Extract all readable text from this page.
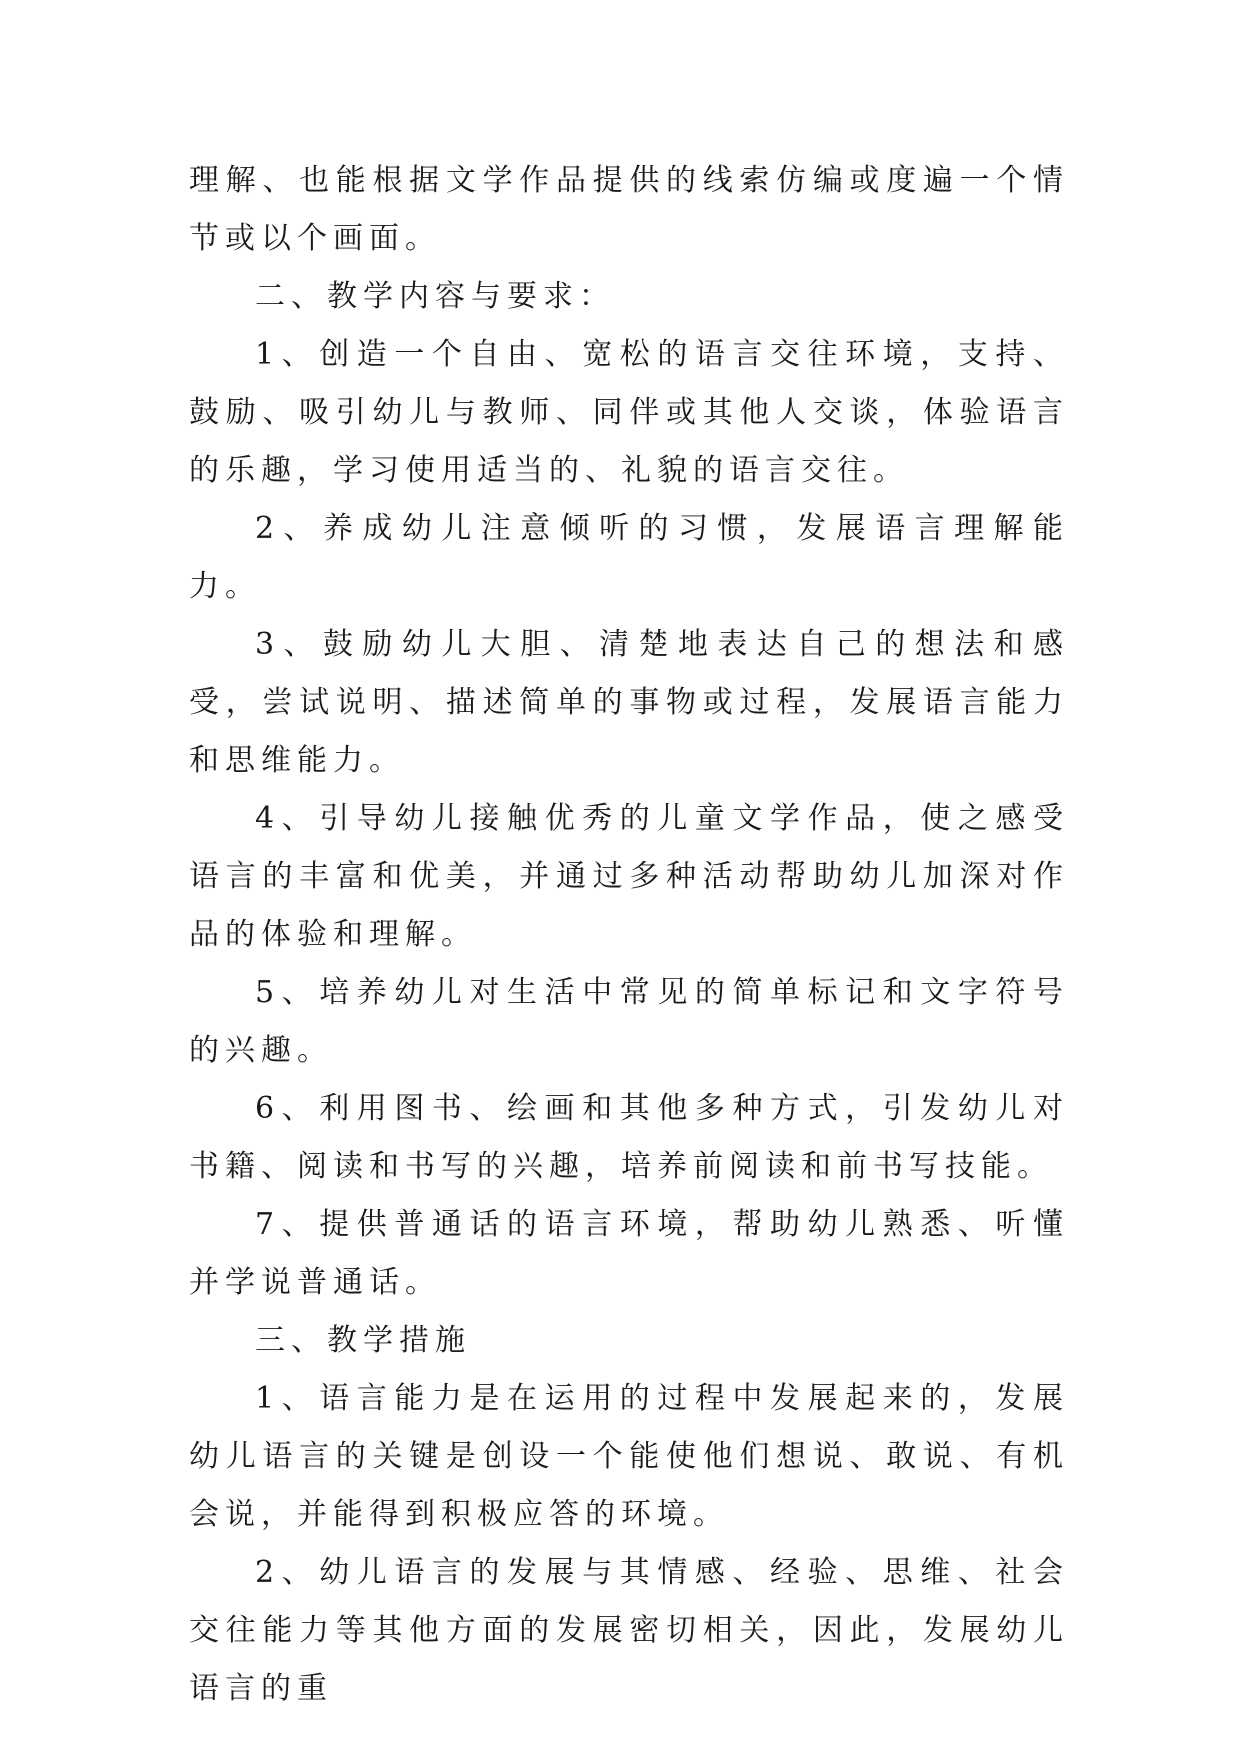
理解、也能根据文学作品提供的线索仿编或度遍一个情节或以个画面。

二、教学内容与要求：

1、创造一个自由、宽松的语言交往环境，支持、鼓励、吸引幼儿与教师、同伴或其他人交谈，体验语言的乐趣，学习使用适当的、礼貌的语言交往。

2、养成幼儿注意倾听的习惯，发展语言理解能力。

3、鼓励幼儿大胆、清楚地表达自己的想法和感受，尝试说明、描述简单的事物或过程，发展语言能力和思维能力。

4、引导幼儿接触优秀的儿童文学作品，使之感受语言的丰富和优美，并通过多种活动帮助幼儿加深对作品的体验和理解。

5、培养幼儿对生活中常见的简单标记和文字符号的兴趣。

6、利用图书、绘画和其他多种方式，引发幼儿对书籍、阅读和书写的兴趣，培养前阅读和前书写技能。

7、提供普通话的语言环境，帮助幼儿熟悉、听懂并学说普通话。

三、教学措施

1、语言能力是在运用的过程中发展起来的，发展幼儿语言的关键是创设一个能使他们想说、敢说、有机会说，并能得到积极应答的环境。

2、幼儿语言的发展与其情感、经验、思维、社会交往能力等其他方面的发展密切相关，因此，发展幼儿语言的重
